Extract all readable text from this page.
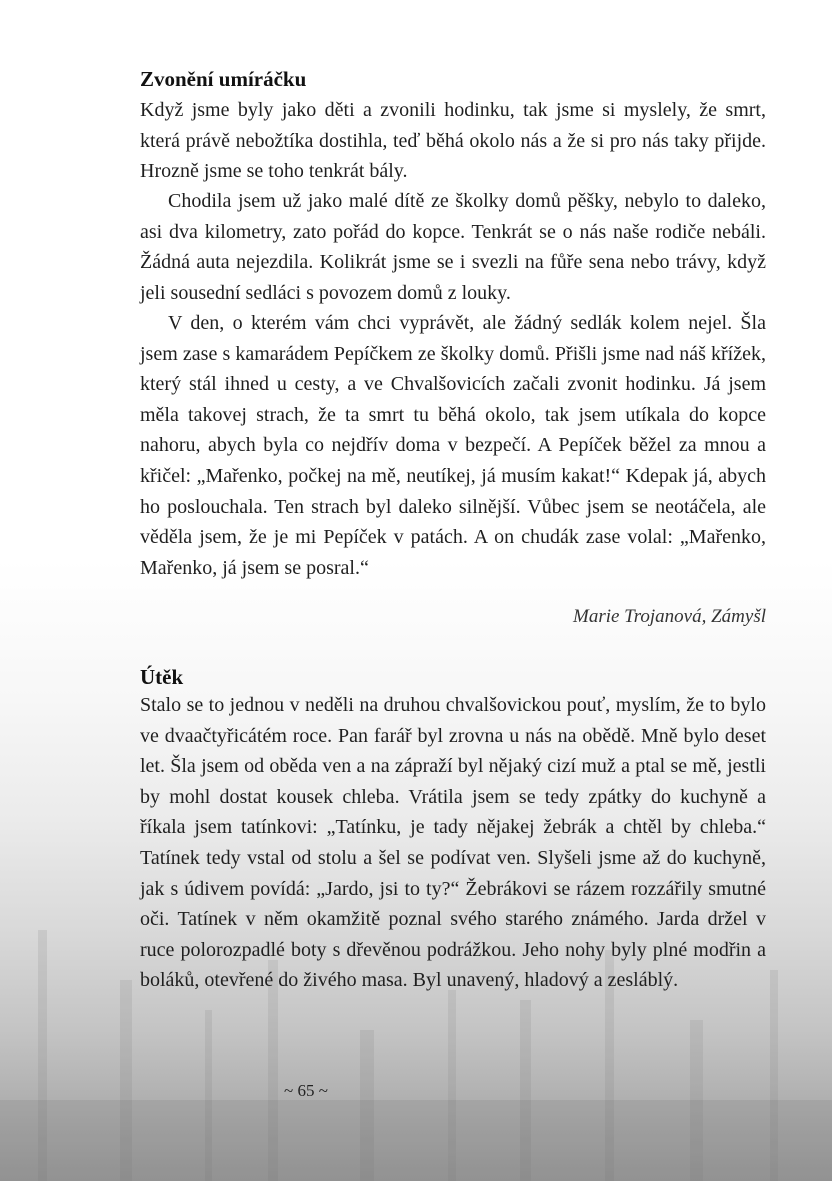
Zvonění umíráčku

Když jsme byly jako děti a zvonili hodinku, tak jsme si myslely, že smrt, která právě nebožtíka dostihla, teď běhá okolo nás a že si pro nás taky přijde. Hrozně jsme se toho tenkrát bály.

Chodila jsem už jako malé dítě ze školky domů pěšky, nebylo to daleko, asi dva kilometry, zato pořád do kopce. Tenkrát se o nás naše rodiče nebáli. Žádná auta nejezdila. Kolikrát jsme se i svezli na fůře sena nebo trávy, když jeli sousední sedláci s povozem domů z louky.

V den, o kterém vám chci vyprávět, ale žádný sedlák kolem nejel. Šla jsem zase s kamarádem Pepíčkem ze školky domů. Přišli jsme nad náš křížek, který stál ihned u cesty, a ve Chvalšovicích začali zvonit hodinku. Já jsem měla takovej strach, že ta smrt tu běhá okolo, tak jsem utíkala do kopce nahoru, abych byla co nejdřív doma v bezpečí. A Pepíček běžel za mnou a křičel: „Mařenko, počkej na mě, neutíkej, já musím kakat!“ Kdepak já, abych ho poslouchala. Ten strach byl daleko silnější. Vůbec jsem se neotáčela, ale věděla jsem, že je mi Pepíček v patách. A on chudák zase volal: „Mařenko, Mařenko, já jsem se posral.“

Marie Trojanová, Zámyšl
Útěk

Stalo se to jednou v neděli na druhou chvalšovickou pouť, myslím, že to bylo ve dvaačtyřicátém roce. Pan farář byl zrovna u nás na obědě. Mně bylo deset let. Šla jsem od oběda ven a na zápraží byl nějaký cizí muž a ptal se mě, jestli by mohl dostat kousek chleba. Vrátila jsem se tedy zpátky do kuchyně a říkala jsem tatínkovi: „Tatínku, je tady nějakej žebrák a chtěl by chleba.“ Tatínek tedy vstal od stolu a šel se podívat ven. Slyšeli jsme až do kuchyně, jak s údivem povídá: „Jardo, jsi to ty?“ Žebrákovi se rázem rozzářily smutné oči. Tatínek v něm okamžitě poznal svého starého známého. Jarda držel v ruce polorozpadlé boty s dřevěnou podrážkou. Jeho nohy byly plné modřin a boláků, otevřené do živého masa. Byl unavený, hladový a zesláblý.

~ 65 ~
